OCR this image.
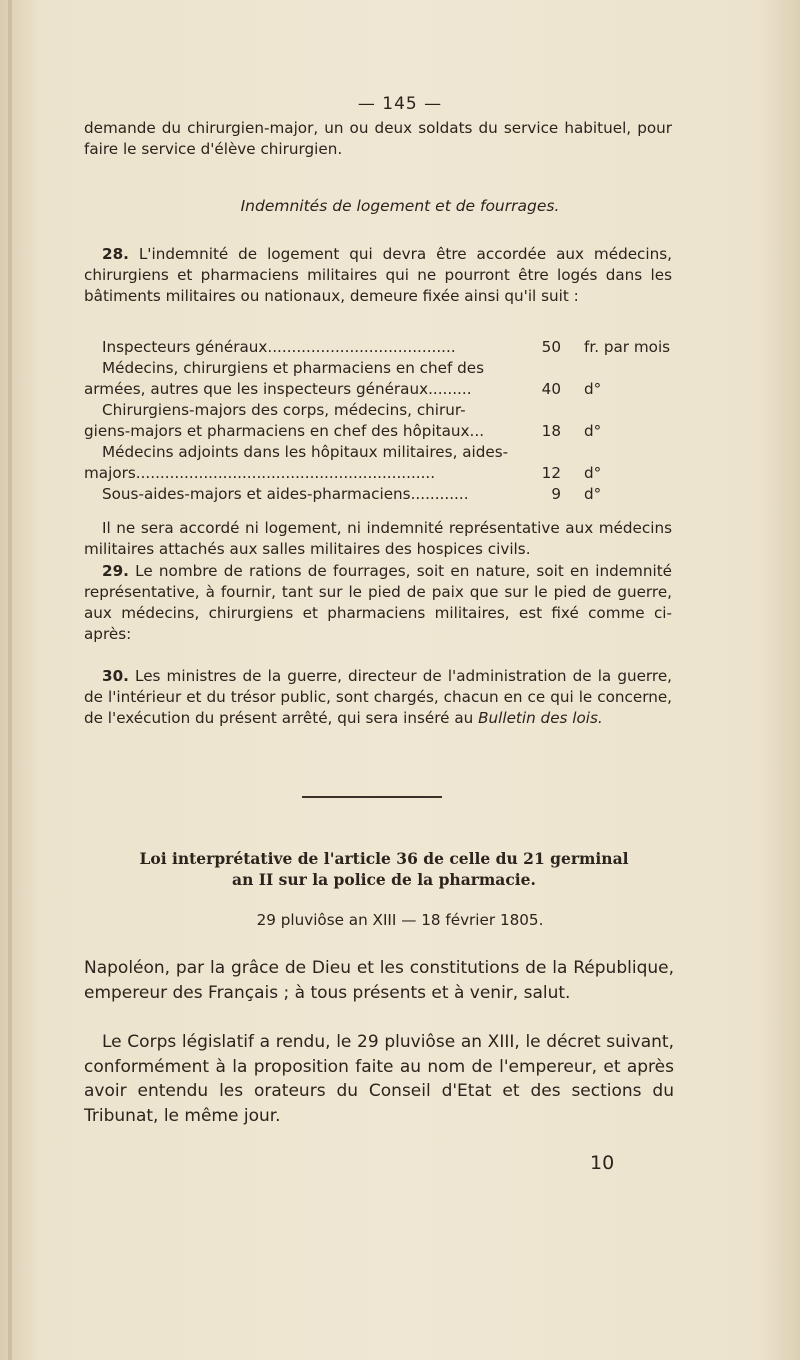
— 145 —

demande du chirurgien-major, un ou deux soldats du service habituel, pour faire le service d'élève chirurgien.

Indemnités de logement et de fourrages.

28. L'indemnité de logement qui devra être accordée aux médecins, chirurgiens et pharmaciens militaires qui ne pourront être logés dans les bâtiments militaires ou nationaux, demeure fixée ainsi qu'il suit :

Inspecteurs généraux.......................................	50 fr. par mois
Médecins, chirurgiens et pharmaciens en chef des
armées, autres que les inspecteurs généraux.........	40 d°
Chirurgiens-majors des corps, médecins, chirur-
giens-majors et pharmaciens en chef des hôpitaux...	18 d°
Médecins adjoints dans les hôpitaux militaires, aides-
majors..............................................................	12 d°
Sous-aides-majors et aides-pharmaciens............	9 d°

Il ne sera accordé ni logement, ni indemnité représentative aux médecins militaires attachés aux salles militaires des hospices civils.

29. Le nombre de rations de fourrages, soit en nature, soit en indemnité représentative, à fournir, tant sur le pied de paix que sur le pied de guerre, aux médecins, chirurgiens et pharmaciens militaires, est fixé comme ci-après:

30. Les ministres de la guerre, directeur de l'administration de la guerre, de l'intérieur et du trésor public, sont chargés, chacun en ce qui le concerne, de l'exécution du présent arrêté, qui sera inséré au Bulletin des lois.

Loi interprétative de l'article 36 de celle du 21 germinal
an II sur la police de la pharmacie.
29 pluviôse an XIII — 18 février 1805.

Napoléon, par la grâce de Dieu et les constitutions de la République, empereur des Français ; à tous présents et à venir, salut.

Le Corps législatif a rendu, le 29 pluviôse an XIII, le décret suivant, conformément à la proposition faite au nom de l'empereur, et après avoir entendu les orateurs du Conseil d'Etat et des sections du Tribunat, le même jour.

10
